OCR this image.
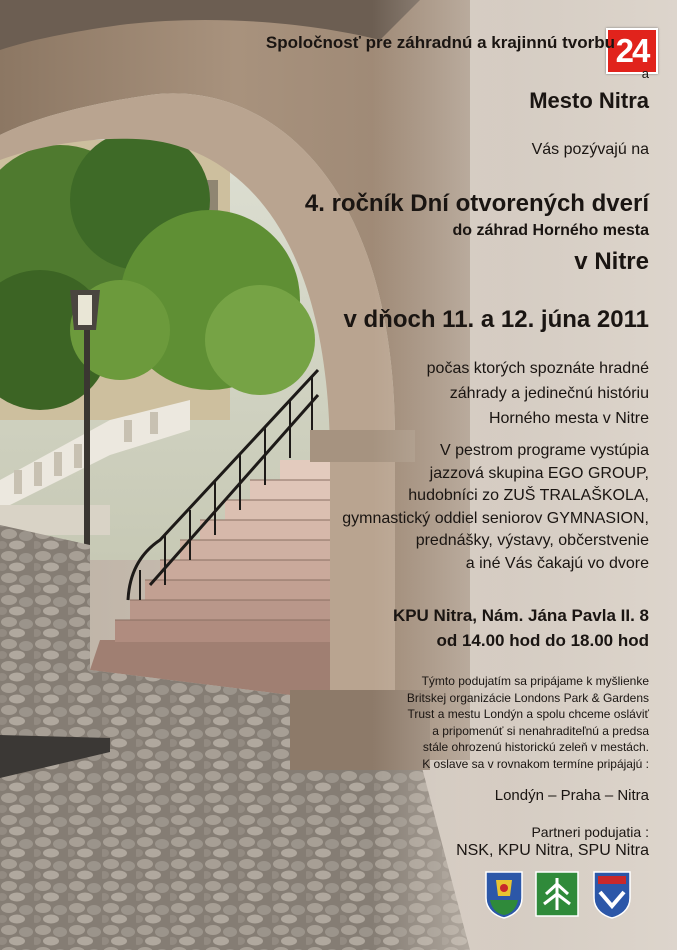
24
Spoločnosť pre záhradnú a krajinnú tvorbu
a
Mesto Nitra
Vás pozývajú na
4. ročník Dní otvorených dverí
do záhrad Horného mesta
v Nitre
v dňoch 11. a 12. júna 2011
počas ktorých spoznáte hradné
záhrady a jedinečnú históriu
Horného mesta v Nitre
V pestrom programe vystúpia
jazzová skupina EGO GROUP,
hudobníci zo ZUŠ TRALAŠKOLA,
gymnastický oddiel seniorov GYMNASION,
prednášky, výstavy, občerstvenie
a iné Vás čakajú vo dvore
KPU Nitra, Nám. Jána Pavla II. 8
od 14.00 hod do 18.00 hod
Týmto podujatím sa pripájame k myšlienke
Britskej organizácie Londons Park & Gardens
Trust a mestu Londýn a spolu chceme osláviť
a pripomenúť si nenahraditeľnú a predsa
stále ohrozenú historickú zeleň v mestách.
K oslave sa v rovnakom termíne pripájajú :
Londýn – Praha – Nitra
Partneri podujatia :
NSK, KPU Nitra, SPU Nitra
